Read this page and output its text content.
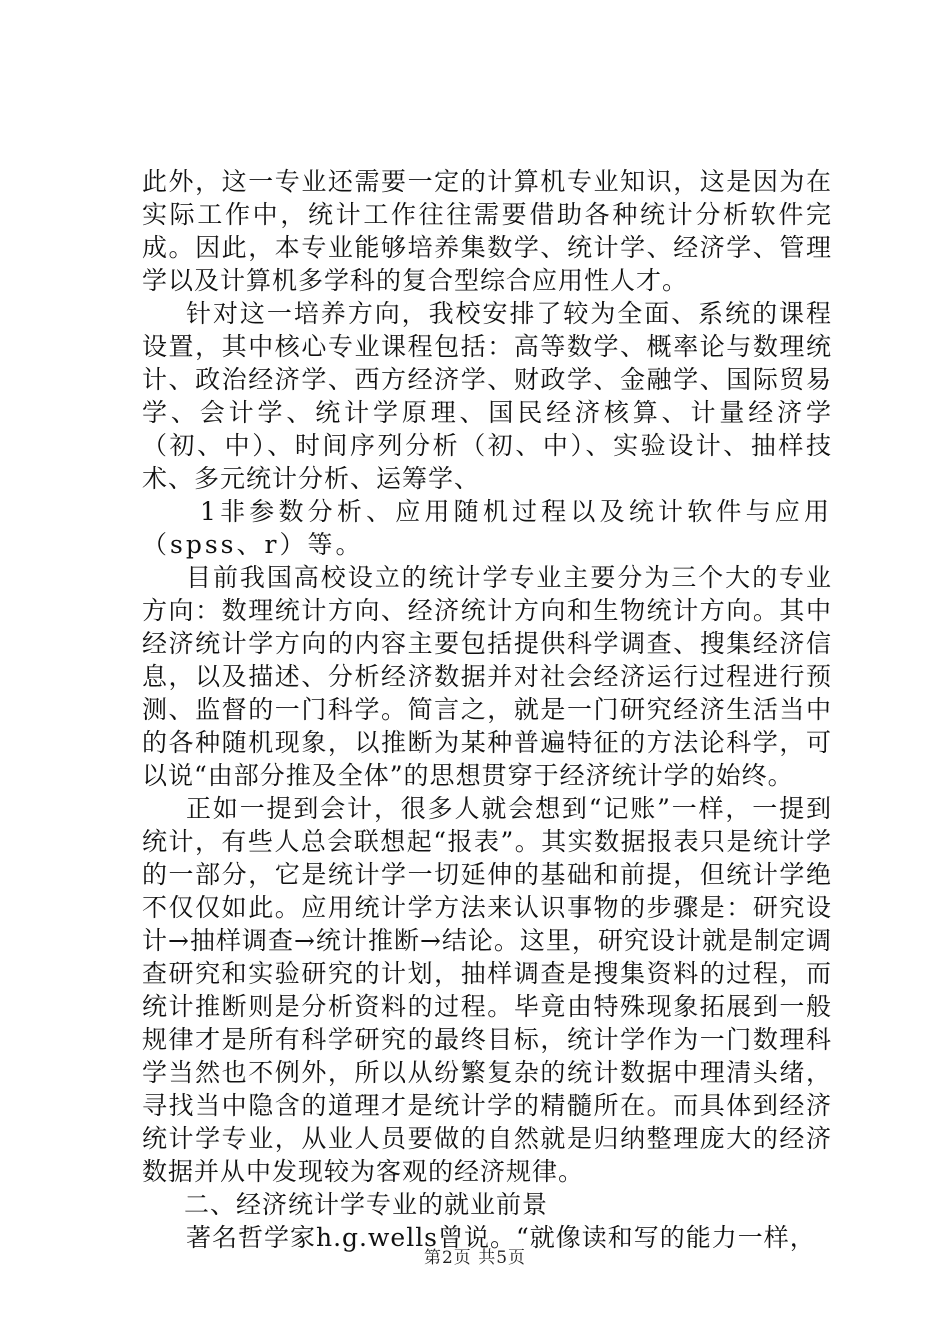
此外，这一专业还需要一定的计算机专业知识，这是因为在实际工作中，统计工作往往需要借助各种统计分析软件完成。因此，本专业能够培养集数学、统计学、经济学、管理学以及计算机多学科的复合型综合应用性人才。

针对这一培养方向，我校安排了较为全面、系统的课程设置，其中核心专业课程包括：高等数学、概率论与数理统计、政治经济学、西方经济学、财政学、金融学、国际贸易学、会计学、统计学原理、国民经济核算、计量经济学（初、中）、时间序列分析（初、中）、实验设计、抽样技术、多元统计分析、运筹学、

1非参数分析、应用随机过程以及统计软件与应用（spss、r）等。

目前我国高校设立的统计学专业主要分为三个大的专业方向：数理统计方向、经济统计方向和生物统计方向。其中经济统计学方向的内容主要包括提供科学调查、搜集经济信息，以及描述、分析经济数据并对社会经济运行过程进行预测、监督的一门科学。简言之，就是一门研究经济生活当中的各种随机现象，以推断为某种普遍特征的方法论科学，可以说“由部分推及全体”的思想贯穿于经济统计学的始终。

正如一提到会计，很多人就会想到“记账”一样，一提到统计，有些人总会联想起“报表”。其实数据报表只是统计学的一部分，它是统计学一切延伸的基础和前提，但统计学绝不仅仅如此。应用统计学方法来认识事物的步骤是：研究设计→抽样调查→统计推断→结论。这里，研究设计就是制定调查研究和实验研究的计划，抽样调查是搜集资料的过程，而统计推断则是分析资料的过程。毕竟由特殊现象拓展到一般规律才是所有科学研究的最终目标，统计学作为一门数理科学当然也不例外，所以从纷繁复杂的统计数据中理清头绪，寻找当中隐含的道理才是统计学的精髓所在。而具体到经济统计学专业，从业人员要做的自然就是归纳整理庞大的经济数据并从中发现较为客观的经济规律。

二、经济统计学专业的就业前景

著名哲学家h.g.wells曾说。“就像读和写的能力一样，

第2页 共5页
